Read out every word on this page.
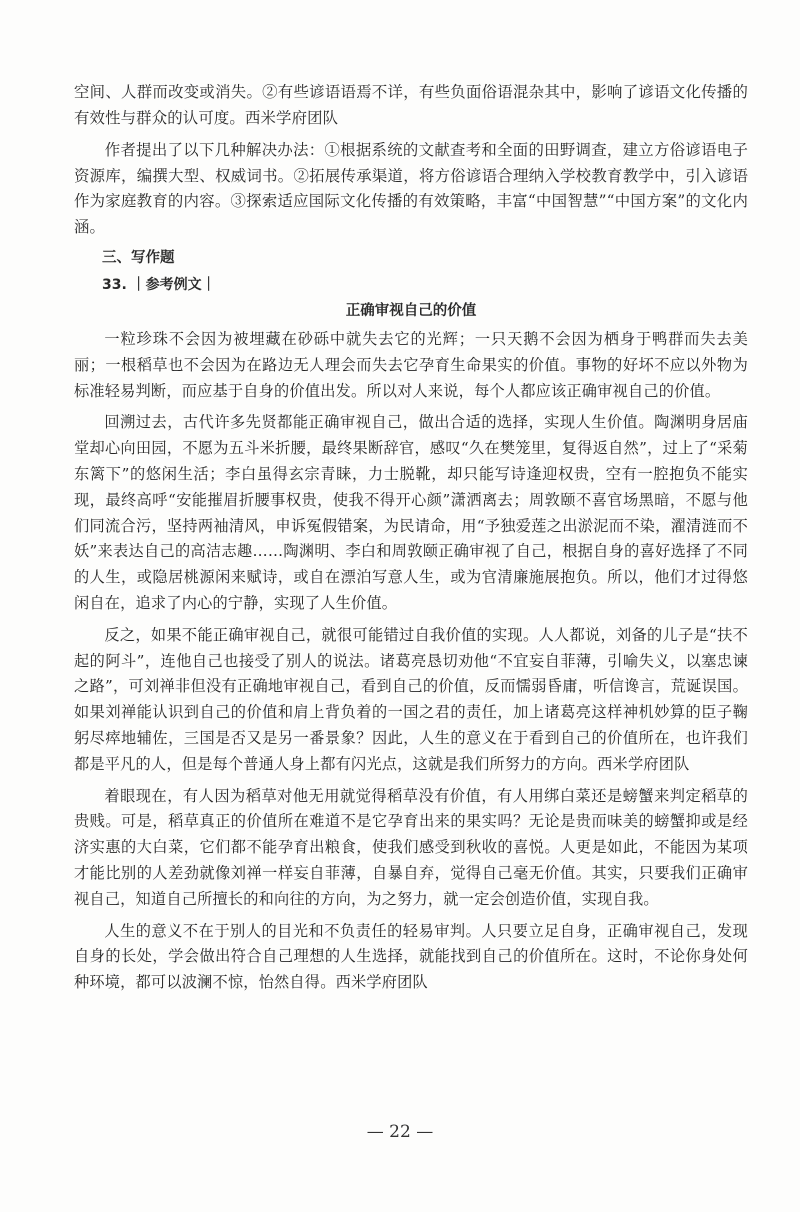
空间、人群而改变或消失。②有些谚语语焉不详，有些负面俗语混杂其中，影响了谚语文化传播的有效性与群众的认可度。西米学府团队

作者提出了以下几种解决办法：①根据系统的文献查考和全面的田野调查，建立方俗谚语电子资源库，编撰大型、权威词书。②拓展传承渠道，将方俗谚语合理纳入学校教育教学中，引入谚语作为家庭教育的内容。③探索适应国际文化传播的有效策略，丰富“中国智慧”“中国方案”的文化内涵。

三、写作题
33. ｜参考例文｜
正确审视自己的价值

一粒珍珠不会因为被埋藏在砂砾中就失去它的光辉；一只天鹅不会因为栖身于鸭群而失去美丽；一根稻草也不会因为在路边无人理会而失去它孕育生命果实的价值。事物的好坏不应以外物为标准轻易判断，而应基于自身的价值出发。所以对人来说，每个人都应该正确审视自己的价值。

回溯过去，古代许多先贤都能正确审视自己，做出合适的选择，实现人生价值。陶渊明身居庙堂却心向田园，不愿为五斗米折腰，最终果断辞官，感叹“久在樊笼里，复得返自然”，过上了“采菊东篱下”的悠闲生活；李白虽得玄宗青睐，力士脱靴，却只能写诗逢迎权贵，空有一腔抱负不能实现，最终高呼“安能摧眉折腰事权贵，使我不得开心颜”潇洒离去；周敦颐不喜官场黑暗，不愿与他们同流合污，坚持两袖清风，申诉冤假错案，为民请命，用“予独爱莲之出淤泥而不染，濯清涟而不妖”来表达自己的高洁志趣……陶渊明、李白和周敦颐正确审视了自己，根据自身的喜好选择了不同的人生，或隐居桃源闲来赋诗，或自在漂泊写意人生，或为官清廉施展抱负。所以，他们才过得悠闲自在，追求了内心的宁静，实现了人生价值。

反之，如果不能正确审视自己，就很可能错过自我价值的实现。人人都说，刘备的儿子是“扶不起的阿斗”，连他自己也接受了别人的说法。诸葛亮恳切劝他“不宜妄自菲薄，引喻失义，以塞忠谏之路”，可刘禅非但没有正确地审视自己，看到自己的价值，反而懦弱昏庸，听信谗言，荒诞误国。如果刘禅能认识到自己的价值和肩上背负着的一国之君的责任，加上诸葛亮这样神机妙算的臣子鞠躬尽瘁地辅佐，三国是否又是另一番景象？因此，人生的意义在于看到自己的价值所在，也许我们都是平凡的人，但是每个普通人身上都有闪光点，这就是我们所努力的方向。西米学府团队

着眼现在，有人因为稻草对他无用就觉得稻草没有价值，有人用绑白菜还是螃蟹来判定稻草的贵贱。可是，稻草真正的价值所在难道不是它孕育出来的果实吗？无论是贵而味美的螃蟹抑或是经济实惠的大白菜，它们都不能孕育出粮食，使我们感受到秋收的喜悦。人更是如此，不能因为某项才能比别的人差劲就像刘禅一样妄自菲薄，自暴自弃，觉得自己毫无价值。其实，只要我们正确审视自己，知道自己所擅长的和向往的方向，为之努力，就一定会创造价值，实现自我。

人生的意义不在于别人的目光和不负责任的轻易审判。人只要立足自身，正确审视自己，发现自身的长处，学会做出符合自己理想的人生选择，就能找到自己的价值所在。这时，不论你身处何种环境，都可以波澜不惊，怡然自得。西米学府团队

— 22 —
